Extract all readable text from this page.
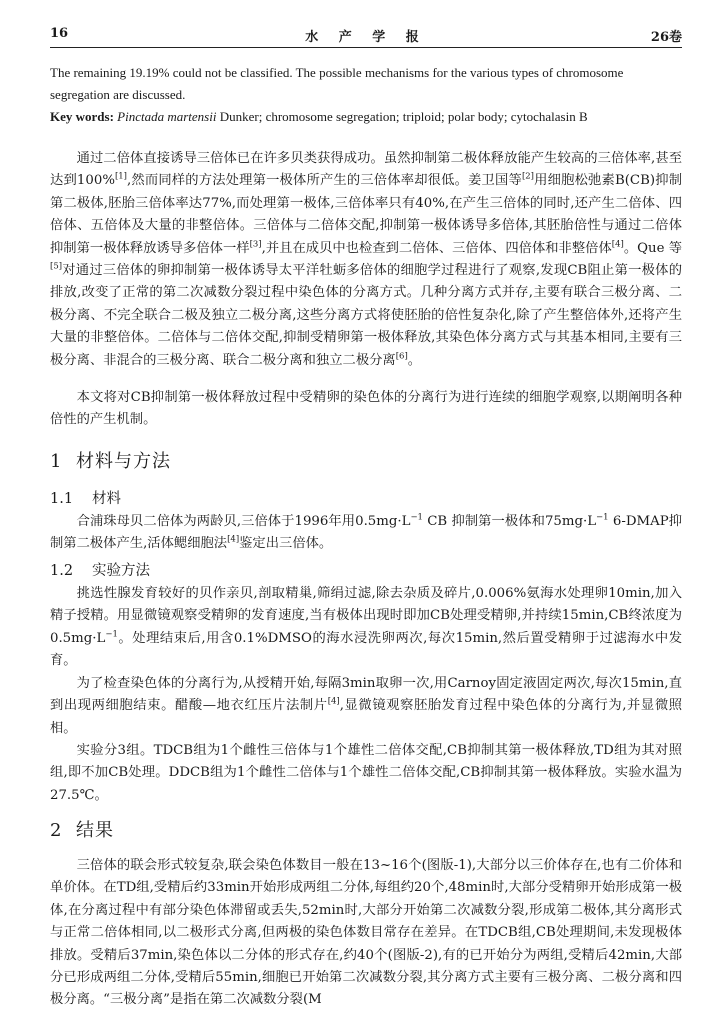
16	水 产 学 报	26卷

The remaining 19.19% could not be classified. The possible mechanisms for the various types of chromosome segregation are discussed.

Key words: Pinctada martensii Dunker; chromosome segregation; triploid; polar body; cytochalasin B

通过二倍体直接诱导三倍体已在许多贝类获得成功。虽然抑制第二极体释放能产生较高的三倍体率,甚至达到100%[1],然而同样的方法处理第一极体所产生的三倍体率却很低。姜卫国等[2]用细胞松弛素B(CB)抑制第二极体,胚胎三倍体率达77%,而处理第一极体,三倍体率只有40%,在产生三倍体的同时,还产生二倍体、四倍体、五倍体及大量的非整倍体。三倍体与二倍体交配,抑制第一极体诱导多倍体,其胚胎倍性与通过二倍体抑制第一极体释放诱导多倍体一样[3],并且在成贝中也检查到二倍体、三倍体、四倍体和非整倍体[4]。Que 等[5]对通过三倍体的卵抑制第一极体诱导太平洋牡蛎多倍体的细胞学过程进行了观察,发现CB阻止第一极体的排放,改变了正常的第二次减数分裂过程中染色体的分离方式。几种分离方式并存,主要有联合三极分离、二极分离、不完全联合二极及独立二极分离,这些分离方式将使胚胎的倍性复杂化,除了产生整倍体外,还将产生大量的非整倍体。二倍体与二倍体交配,抑制受精卵第一极体释放,其染色体分离方式与其基本相同,主要有三极分离、非混合的三极分离、联合二极分离和独立二极分离[6]。

本文将对CB抑制第一极体释放过程中受精卵的染色体的分离行为进行连续的细胞学观察,以期阐明各种倍性的产生机制。

1 材料与方法
1.1 材料

合浦珠母贝二倍体为两龄贝,三倍体于1996年用$0.5mg\cdot L^{-1}$ CB 抑制第一极体和$75mg\cdot L^{-1}$ 6-DMAP抑制第二极体产生,活体鳃细胞法[4]鉴定出三倍体。

1.2 实验方法

挑选性腺发育较好的贝作亲贝,剖取精巢,筛绢过滤,除去杂质及碎片,0.006%氨海水处理卵10min,加入精子授精。用显微镜观察受精卵的发育速度,当有极体出现时即加CB处理受精卵,并持续15min,CB终浓度为$0.5mg\cdot L^{-1}$。处理结束后,用含0.1%DMSO的海水浸洗卵两次,每次15min,然后置受精卵于过滤海水中发育。

为了检查染色体的分离行为,从授精开始,每隔3min取卵一次,用Carnoy固定液固定两次,每次15min,直到出现两细胞结束。醋酸—地衣红压片法制片[4],显微镜观察胚胎发育过程中染色体的分离行为,并显微照相。

实验分3组。TDCB组为1个雌性三倍体与1个雄性二倍体交配,CB抑制其第一极体释放,TD组为其对照组,即不加CB处理。DDCB组为1个雌性二倍体与1个雄性二倍体交配,CB抑制其第一极体释放。实验水温为27.5℃。

2 结果

三倍体的联会形式较复杂,联会染色体数目一般在13~16个(图版-1),大部分以三价体存在,也有二价体和单价体。在TD组,受精后约33min开始形成两组二分体,每组约20个,48min时,大部分受精卵开始形成第一极体,在分离过程中有部分染色体滞留或丢失,52min时,大部分开始第二次减数分裂,形成第二极体,其分离形式与正常二倍体相同,以二极形式分离,但两极的染色体数目常存在差异。在TDCB组,CB处理期间,未发现极体排放。受精后37min,染色体以二分体的形式存在,约40个(图版-2),有的已开始分为两组,受精后42min,大部分已形成两组二分体,受精后55min,细胞已开始第二次减数分裂,其分离方式主要有三极分离、二极分离和四极分离。“三极分离”是指在第二次减数分裂(M
